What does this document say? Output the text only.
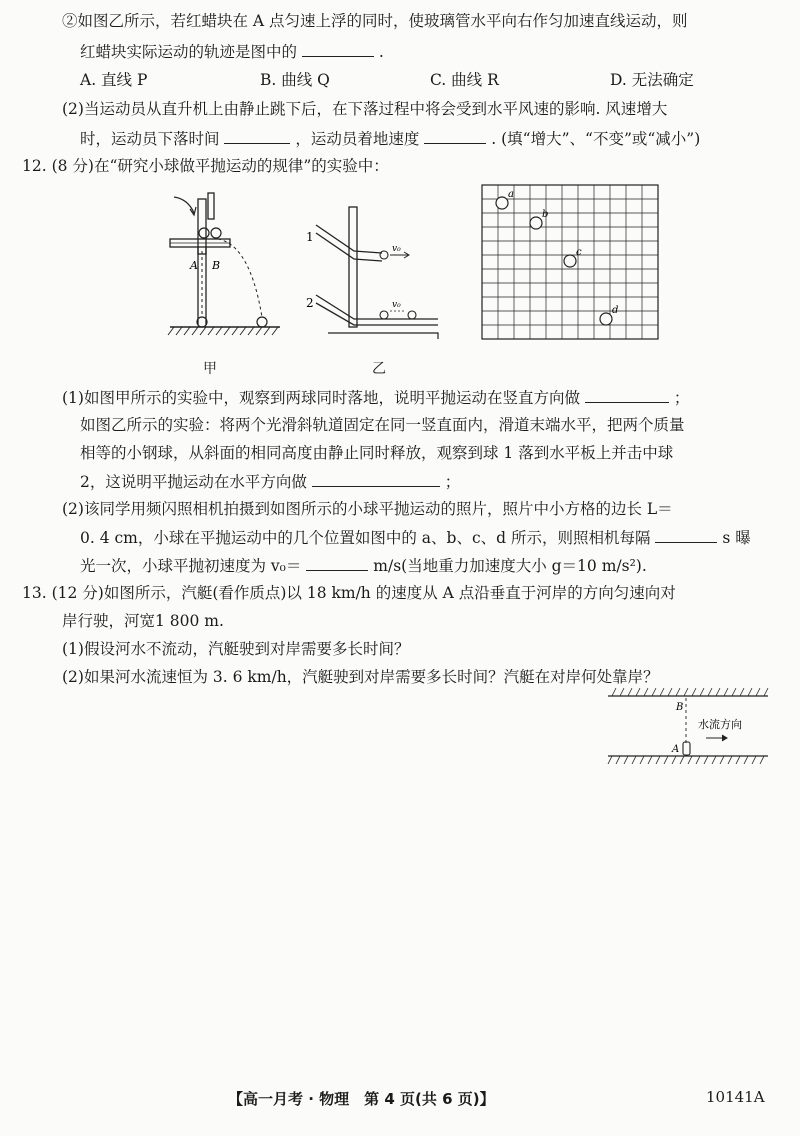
②如图乙所示，若红蜡块在 A 点匀速上浮的同时，使玻璃管水平向右作匀加速直线运动，则
红蜡块实际运动的轨迹是图中的	.
A. 直线 P	B. 曲线 Q	C. 曲线 R	D. 无法确定
(2)当运动员从直升机上由静止跳下后，在下落过程中将会受到水平风速的影响. 风速增大
时，运动员下落时间	，运动员着地速度	. (填“增大”、“不变”或“减小”)
12. (8 分)在“研究小球做平抛运动的规律”的实验中：
A B
甲
v₀
v₀
1
2
乙
a
b
c
d
(1)如图甲所示的实验中，观察到两球同时落地，说明平抛运动在竖直方向做	；
如图乙所示的实验：将两个光滑斜轨道固定在同一竖直面内，滑道末端水平，把两个质量
相等的小钢球，从斜面的相同高度由静止同时释放，观察到球 1 落到水平板上并击中球
2，这说明平抛运动在水平方向做	；
(2)该同学用频闪照相机拍摄到如图所示的小球平抛运动的照片，照片中小方格的边长 L＝
0. 4 cm，小球在平抛运动中的几个位置如图中的 a、b、c、d 所示，则照相机每隔	s 曝
光一次，小球平抛初速度为 v₀＝	m/s(当地重力加速度大小 g＝10 m/s²).
13. (12 分)如图所示，汽艇(看作质点)以 18 km/h 的速度从 A 点沿垂直于河岸的方向匀速向对
岸行驶，河宽1 800 m.
(1)假设河水不流动，汽艇驶到对岸需要多长时间？
(2)如果河水流速恒为 3. 6 km/h，汽艇驶到对岸需要多长时间？汽艇在对岸何处靠岸？
B
A
水流方向
【高一月考 · 物理　第 4 页(共 6 页)】	10141A
